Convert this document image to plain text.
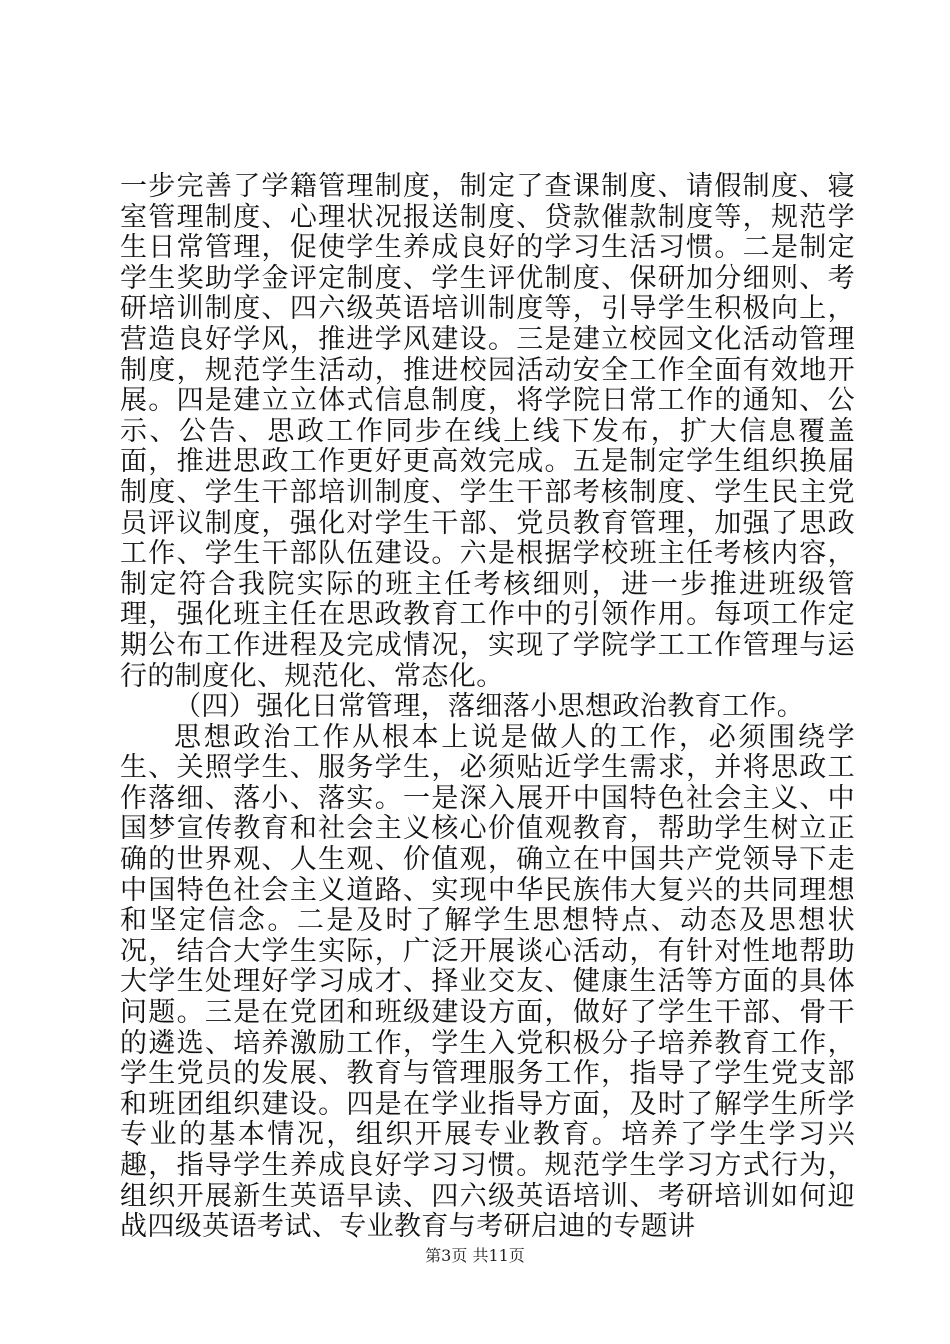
一步完善了学籍管理制度，制定了查课制度、请假制度、寝室管理制度、心理状况报送制度、贷款催款制度等，规范学生日常管理，促使学生养成良好的学习生活习惯。二是制定学生奖助学金评定制度、学生评优制度、保研加分细则、考研培训制度、四六级英语培训制度等，引导学生积极向上，营造良好学风，推进学风建设。三是建立校园文化活动管理制度，规范学生活动，推进校园活动安全工作全面有效地开展。四是建立立体式信息制度，将学院日常工作的通知、公示、公告、思政工作同步在线上线下发布，扩大信息覆盖面，推进思政工作更好更高效完成。五是制定学生组织换届制度、学生干部培训制度、学生干部考核制度、学生民主党员评议制度，强化对学生干部、党员教育管理，加强了思政工作、学生干部队伍建设。六是根据学校班主任考核内容，制定符合我院实际的班主任考核细则，进一步推进班级管理，强化班主任在思政教育工作中的引领作用。每项工作定期公布工作进程及完成情况，实现了学院学工工作管理与运行的制度化、规范化、常态化。

（四）强化日常管理，落细落小思想政治教育工作。

思想政治工作从根本上说是做人的工作，必须围绕学生、关照学生、服务学生，必须贴近学生需求，并将思政工作落细、落小、落实。一是深入展开中国特色社会主义、中国梦宣传教育和社会主义核心价值观教育，帮助学生树立正确的世界观、人生观、价值观，确立在中国共产党领导下走中国特色社会主义道路、实现中华民族伟大复兴的共同理想和坚定信念。二是及时了解学生思想特点、动态及思想状况，结合大学生实际，广泛开展谈心活动，有针对性地帮助大学生处理好学习成才、择业交友、健康生活等方面的具体问题。三是在党团和班级建设方面，做好了学生干部、骨干的遴选、培养激励工作，学生入党积极分子培养教育工作，学生党员的发展、教育与管理服务工作，指导了学生党支部和班团组织建设。四是在学业指导方面，及时了解学生所学专业的基本情况，组织开展专业教育。培养了学生学习兴趣，指导学生养成良好学习习惯。规范学生学习方式行为，组织开展新生英语早读、四六级英语培训、考研培训如何迎战四级英语考试、专业教育与考研启迪的专题讲

第3页 共11页
